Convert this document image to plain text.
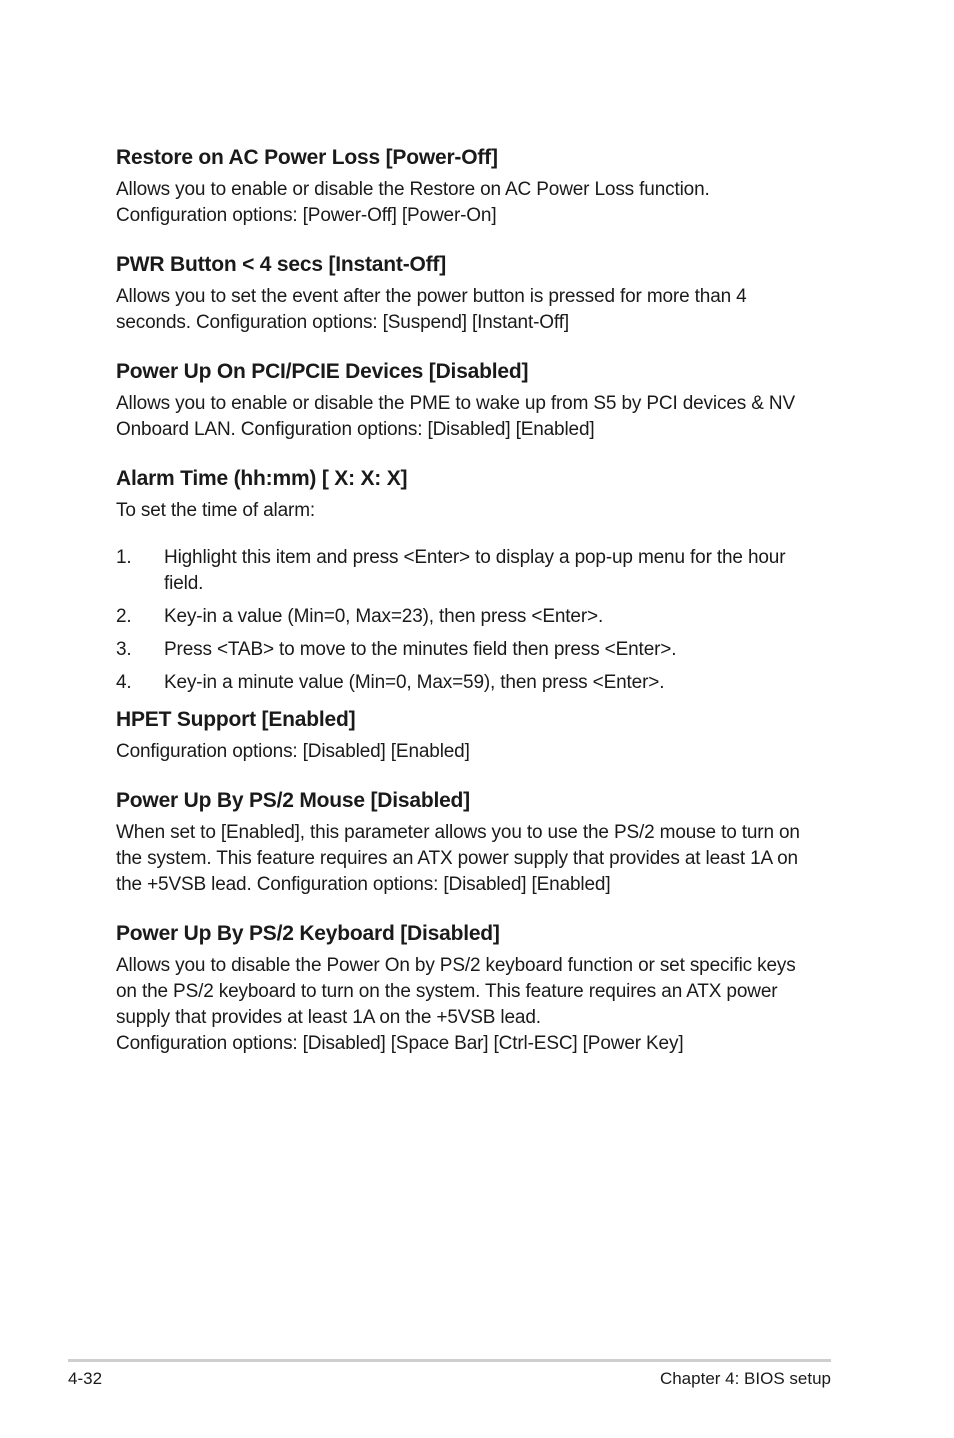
Restore on AC Power Loss [Power-Off]

Allows you to enable or disable the Restore on AC Power Loss function.
Configuration options: [Power-Off] [Power-On]

PWR Button < 4 secs [Instant-Off]

Allows you to set the event after the power button is pressed for more than 4
seconds. Configuration options: [Suspend] [Instant-Off]

Power Up On PCI/PCIE Devices [Disabled]

Allows you to enable or disable the PME to wake up from S5 by PCI devices & NV
Onboard LAN. Configuration options: [Disabled] [Enabled]

Alarm Time (hh:mm) [ X: X: X]

To set the time of alarm:

1. Highlight this item and press <Enter> to display a pop-up menu for the hour
field.
2. Key-in a value (Min=0, Max=23), then press <Enter>.
3. Press <TAB> to move to the minutes field then press <Enter>.
4. Key-in a minute value (Min=0, Max=59), then press <Enter>.
HPET Support [Enabled]

Configuration options: [Disabled] [Enabled]

Power Up By PS/2 Mouse [Disabled]

When set to [Enabled], this parameter allows you to use the PS/2 mouse to turn on
the system. This feature requires an ATX power supply that provides at least 1A on
the +5VSB lead. Configuration options: [Disabled] [Enabled]

Power Up By PS/2 Keyboard [Disabled]

Allows you to disable the Power On by PS/2 keyboard function or set specific keys
on the PS/2 keyboard to turn on the system. This feature requires an ATX power
supply that provides at least 1A on the +5VSB lead.
Configuration options: [Disabled] [Space Bar] [Ctrl-ESC] [Power Key]

4-32	Chapter 4: BIOS setup
